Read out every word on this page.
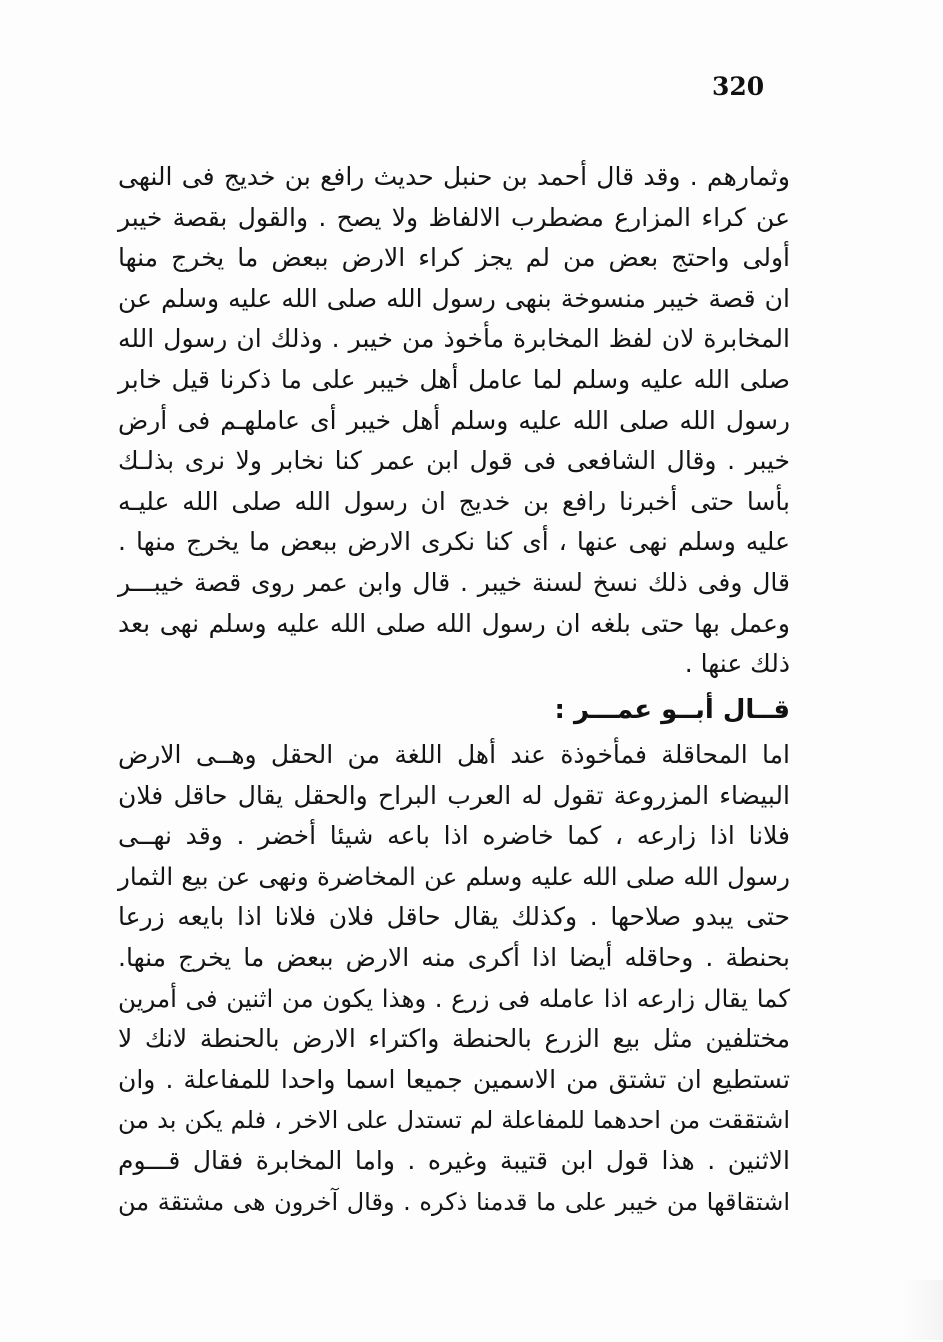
320
وثمارهم . وقد قال أحمد بن حنبل حديث رافع بن خديج فى النهى
عن كراء المزارع مضطرب الالفاظ ولا يصح . والقول بقصة خيبر
أولى واحتج بعض من لم يجز كراء الارض ببعض ما يخرج منها
ان قصة خيبر منسوخة بنهى رسول الله صلى الله عليه وسلم عن
المخابرة لان لفظ المخابرة مأخوذ من خيبر . وذلك ان رسول الله
صلى الله عليه وسلم لما عامل أهل خيبر على ما ذكرنا قيل خابر
رسول الله صلى الله عليه وسلم أهل خيبر أى عاملهـم فى أرض
خيبر . وقال الشافعى فى قول ابن عمر كنا نخابر ولا نرى بذلـك
بأسا حتى أخبرنا رافع بن خديج ان رسول الله صلى الله عليـه
عليه وسلم نهى عنها ، أى كنا نكرى الارض ببعض ما يخرج منها .
قال وفى ذلك نسخ لسنة خيبر . قال وابن عمر روى قصة خيبـــر
وعمل بها حتى بلغه ان رسول الله صلى الله عليه وسلم نهى بعد
ذلك عنها .
قــال أبــو عمـــر :
اما المحاقلة فمأخوذة عند أهل اللغة من الحقل وهــى الارض
البيضاء المزروعة تقول له العرب البراح والحقل يقال حاقل فلان
فلانا اذا زارعه ، كما خاضره اذا باعه شيئا أخضر . وقد نهــى
رسول الله صلى الله عليه وسلم عن المخاضرة ونهى عن بيع الثمار
حتى يبدو صلاحها . وكذلك يقال حاقل فلان فلانا اذا بايعه زرعا
بحنطة . وحاقله أيضا اذا أكرى منه الارض ببعض ما يخرج منها.
كما يقال زارعه اذا عامله فى زرع . وهذا يكون من اثنين فى أمرين
مختلفين مثل بيع الزرع بالحنطة واكتراء الارض بالحنطة لانك لا
تستطيع ان تشتق من الاسمين جميعا اسما واحدا للمفاعلة . وان
اشتققت من احدهما للمفاعلة لم تستدل على الاخر ، فلم يكن بد من
الاثنين . هذا قول ابن قتيبة وغيره . واما المخابرة فقال قـــوم
اشتقاقها من خيبر على ما قدمنا ذكره . وقال آخرون هى مشتقة من
